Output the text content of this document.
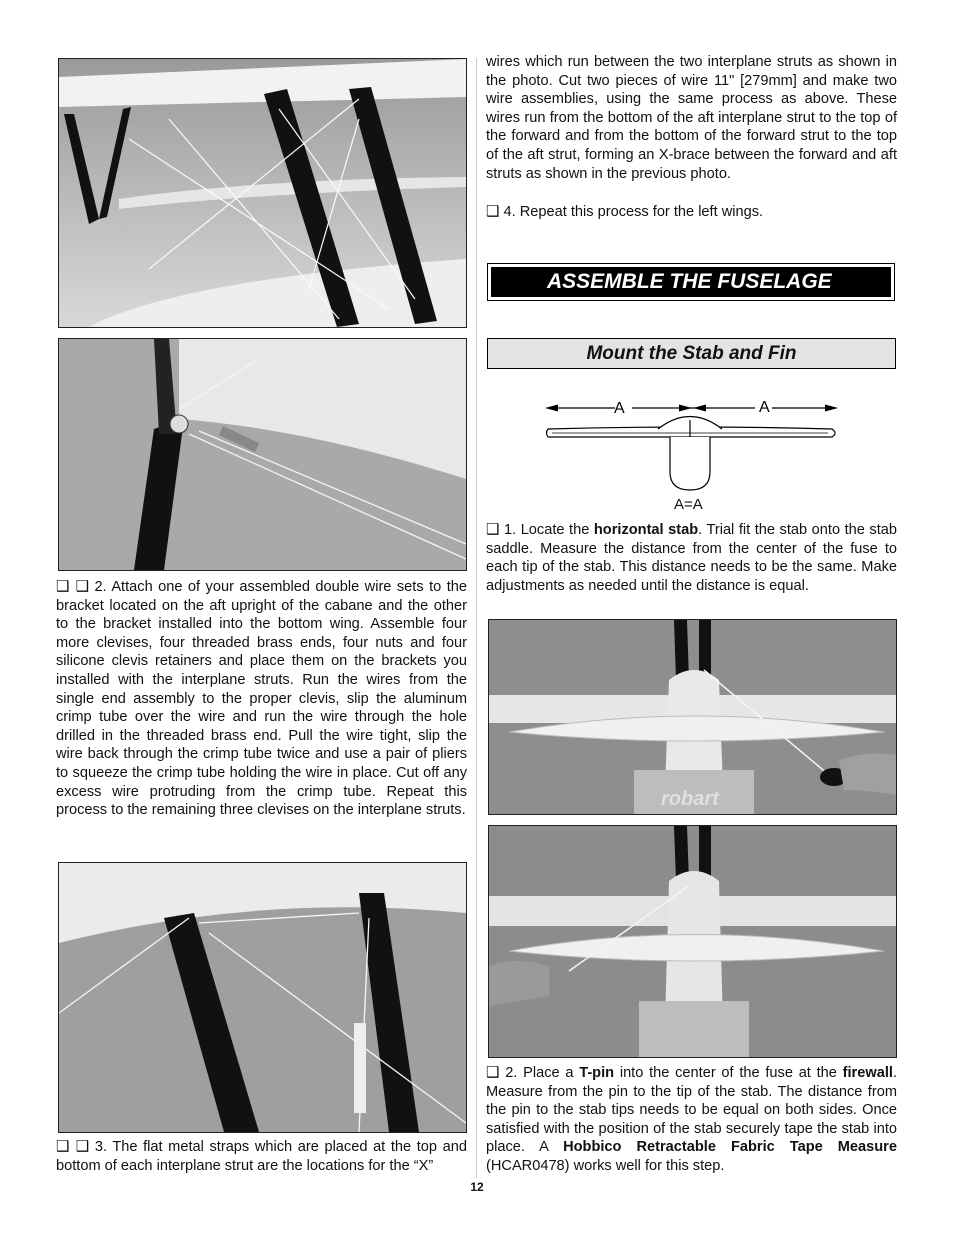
❑ ❑ 2. Attach one of your assembled double wire sets to the bracket located on the aft upright of the cabane and the other to the bracket installed into the bottom wing. Assemble four more clevises, four threaded brass ends, four nuts and four silicone clevis retainers and place them on the brackets you installed with the interplane struts. Run the wires from the single end assembly to the proper clevis, slip the aluminum crimp tube over the wire and run the wire through the hole drilled in the threaded brass end. Pull the wire tight, slip the wire back through the crimp tube twice and use a pair of pliers to squeeze the crimp tube holding the wire in place. Cut off any excess wire protruding from the crimp tube. Repeat this process to the remaining three clevises on the interplane struts.
❑ ❑ 3. The flat metal straps which are placed at the top and bottom of each interplane strut are the locations for the “X”
wires which run between the two interplane struts as shown in the photo. Cut two pieces of wire 11" [279mm] and make two wire assemblies, using the same process as above. These wires run from the bottom of the aft interplane strut to the top of the forward and from the bottom of the forward strut to the top of the aft strut, forming an X-brace between the forward and aft struts as shown in the previous photo.
❑ 4. Repeat this process for the left wings.
ASSEMBLE THE FUSELAGE
Mount the Stab and Fin
A	A
A=A
❑ 1. Locate the horizontal stab. Trial fit the stab onto the stab saddle. Measure the distance from the center of the fuse to each tip of the stab. This distance needs to be the same. Make adjustments as needed until the distance is equal.
robart
❑ 2. Place a T-pin into the center of the fuse at the firewall. Measure from the pin to the tip of the stab. The distance from the pin to the stab tips needs to be equal on both sides. Once satisfied with the position of the stab securely tape the stab into place. A Hobbico Retractable Fabric Tape Measure (HCAR0478) works well for this step.
12
